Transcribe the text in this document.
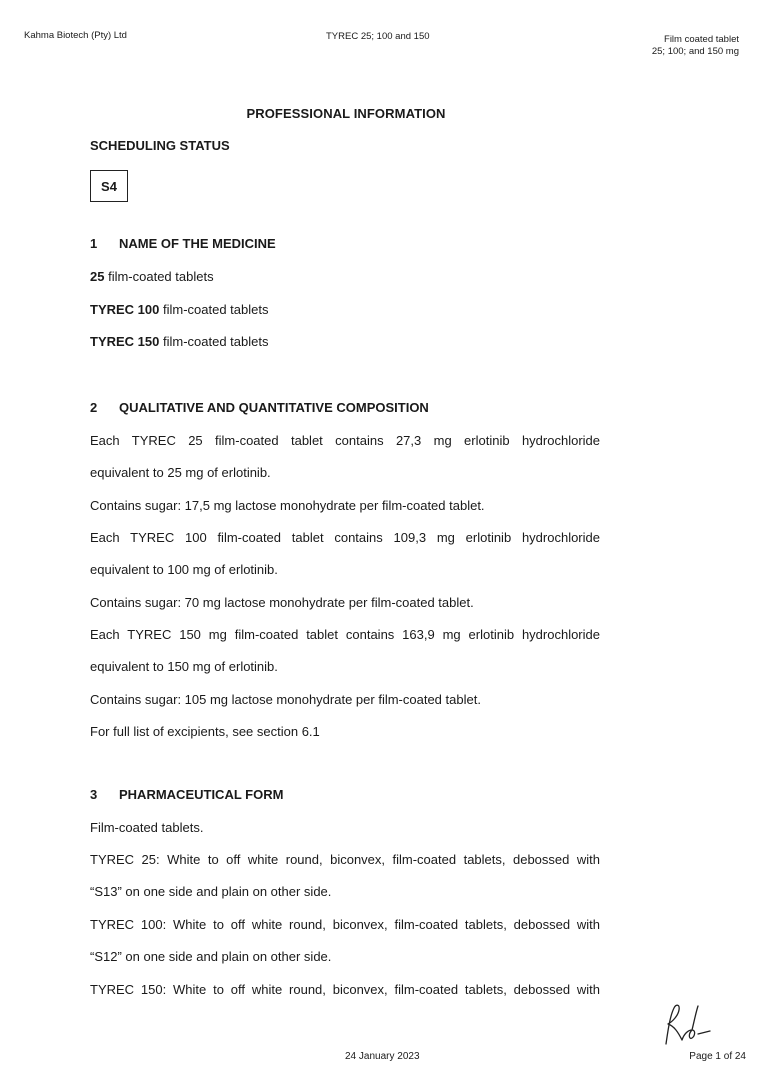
Kahma Biotech (Pty) Ltd	TYREC 25; 100 and 150	Film coated tablet
25; 100; and 150 mg
PROFESSIONAL INFORMATION
SCHEDULING STATUS
S4
1 NAME OF THE MEDICINE
25 film-coated tablets
TYREC 100 film-coated tablets
TYREC 150 film-coated tablets
2 QUALITATIVE AND QUANTITATIVE COMPOSITION
Each TYREC 25 film-coated tablet contains 27,3 mg erlotinib hydrochloride
equivalent to 25 mg of erlotinib.
Contains sugar: 17,5 mg lactose monohydrate per film-coated tablet.
Each TYREC 100 film-coated tablet contains 109,3 mg erlotinib hydrochloride
equivalent to 100 mg of erlotinib.
Contains sugar: 70 mg lactose monohydrate per film-coated tablet.
Each TYREC 150 mg film-coated tablet contains 163,9 mg erlotinib hydrochloride
equivalent to 150 mg of erlotinib.
Contains sugar: 105 mg lactose monohydrate per film-coated tablet.
For full list of excipients, see section 6.1
3 PHARMACEUTICAL FORM
Film-coated tablets.
TYREC 25: White to off white round, biconvex, film-coated tablets, debossed with
“S13” on one side and plain on other side.
TYREC 100: White to off white round, biconvex, film-coated tablets, debossed with
“S12” on one side and plain on other side.
TYREC 150: White to off white round, biconvex, film-coated tablets, debossed with
24 January 2023	Page 1 of 24
